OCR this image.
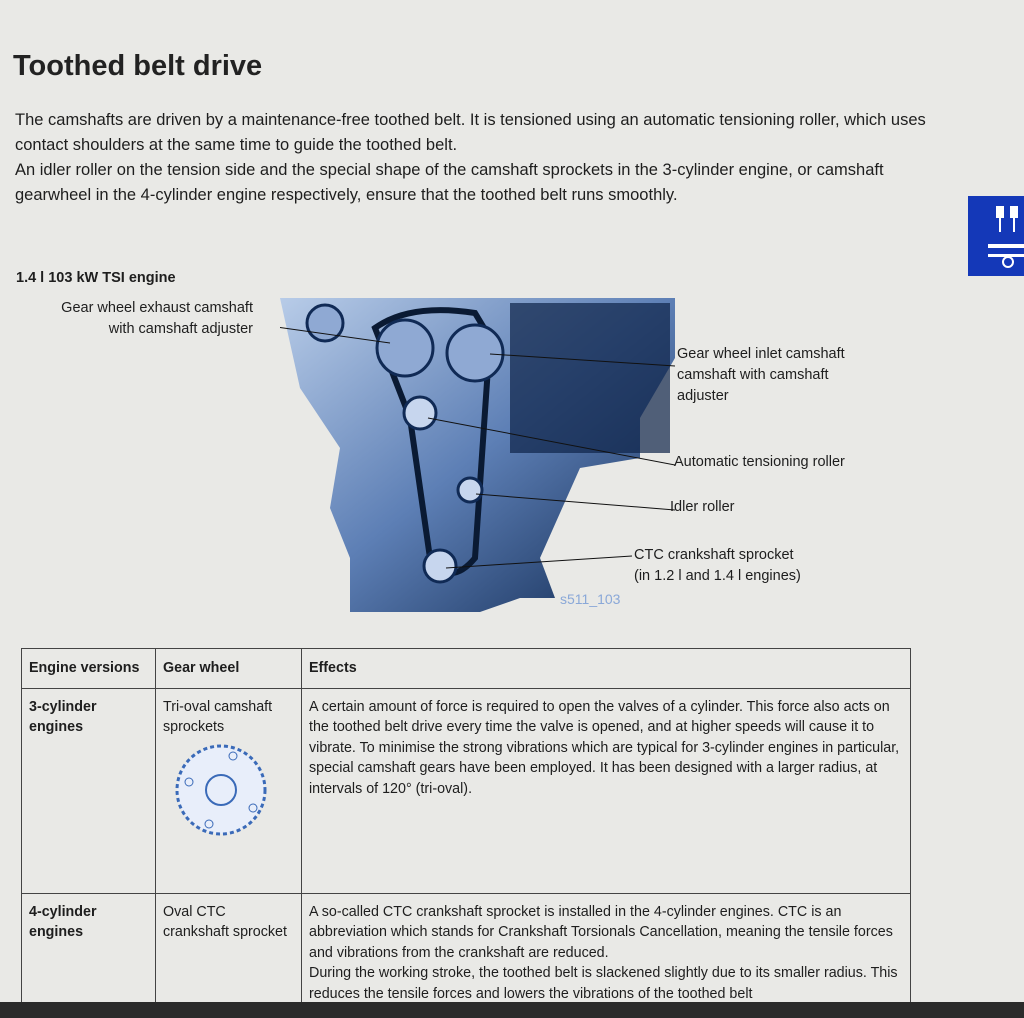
Toothed belt drive

The camshafts are driven by a maintenance-free toothed belt. It is tensioned using an automatic tensioning roller, which uses contact shoulders at the same time to guide the toothed belt.

An idler roller on the tension side and the special shape of the camshaft sprockets in the 3-cylinder engine, or camshaft gearwheel in the 4-cylinder engine respectively, ensure that the toothed belt runs smoothly.

1.4 l 103 kW TSI engine
Gear wheel exhaust camshaft
with camshaft adjuster
Gear wheel inlet camshaft
camshaft with camshaft
adjuster
Automatic tensioning roller
Idler roller
CTC crankshaft sprocket
(in 1.2 l and 1.4 l engines)
s511_103
Engine versions	Gear wheel	Effects
3-cylinder engines	Tri-oval camshaft sprockets	A certain amount of force is required to open the valves of a cylinder. This force also acts on the toothed belt drive every time the valve is opened, and at higher speeds will cause it to vibrate. To minimise the strong vibrations which are typical for 3-cylinder engines in particular, special camshaft gears have been employed. It has been designed with a larger radius, at intervals of 120° (tri-oval).
4-cylinder engines	Oval CTC crankshaft sprocket	A so-called CTC crankshaft sprocket is installed in the 4-cylinder engines. CTC is an abbreviation which stands for Crankshaft Torsionals Cancellation, meaning the tensile forces and vibrations from the crankshaft are reduced.
During the working stroke, the toothed belt is slackened slightly due to its smaller radius. This reduces the tensile forces and lowers the vibrations of the toothed belt
